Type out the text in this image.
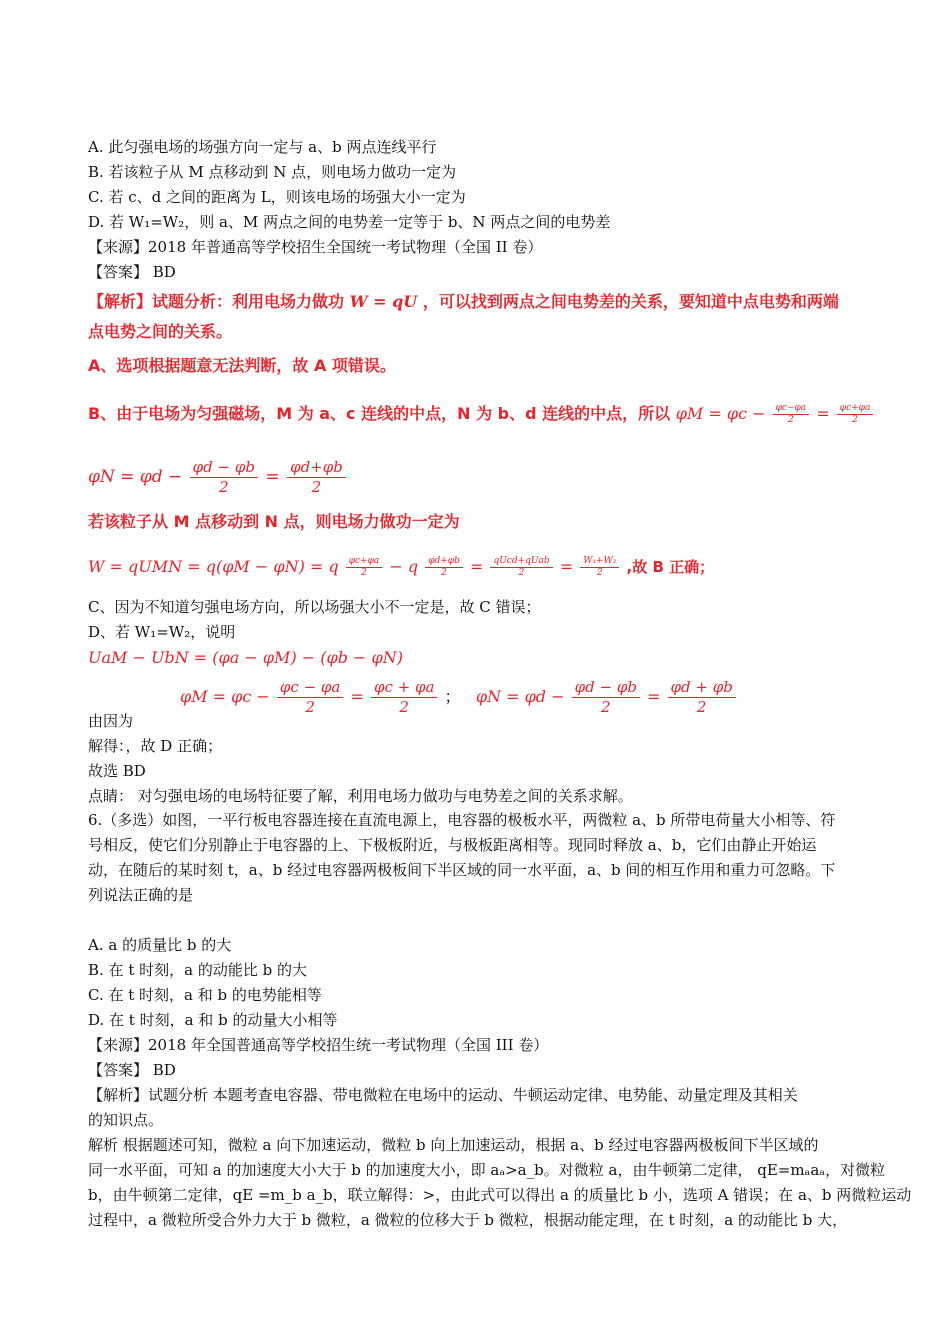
A. 此匀强电场的场强方向一定与 a、b 两点连线平行
B. 若该粒子从 M 点移动到 N 点，则电场力做功一定为
C. 若 c、d 之间的距离为 L，则该电场的场强大小一定为
D. 若 W₁=W₂，则 a、M 两点之间的电势差一定等于 b、N 两点之间的电势差
【来源】2018 年普通高等学校招生全国统一考试物理（全国 II 卷）
【答案】 BD
【解析】试题分析：利用电场力做功 W = qU ，可以找到两点之间电势差的关系，要知道中点电势和两端
点电势之间的关系。
A、选项根据题意无法判断，故 A 项错误。
B、由于电场为匀强磁场，M 为 a、c 连线的中点，N 为 b、d 连线的中点，所以 $\varphi M = \varphi c - \frac{\varphi c-\varphi a}{2} = \frac{\varphi c+\varphi a}{2}$
$\varphi N = \varphi d - \frac{\varphi d - \varphi b}{2} = \frac{\varphi d+\varphi b}{2}$
若该粒子从 M 点移动到 N 点，则电场力做功一定为
W = qUMN = q(φM − φN) = q $\frac{\varphi c+\varphi a}{2} - q \frac{\varphi d+\varphi b}{2} = \frac{\text{qUcd+qUab}}{2} = \frac{\text{W₁+W₂}}{2}$ ,故 B 正确；
C、因为不知道匀强电场方向，所以场强大小不一定是，故 C 错误；
D、若 W₁=W₂，说明
UaM − UbN = (φa − φM) − (φb − φN)
$\varphi M = \varphi c - \frac{\varphi c - \varphi a}{2} = \frac{\varphi c + \varphi a}{2}$ ； $\varphi N = \varphi d - \frac{\varphi d - \varphi b}{2} = \frac{\varphi d + \varphi b}{2}$
由因为
解得：，故 D 正确；
故选 BD
点睛： 对匀强电场的电场特征要了解，利用电场力做功与电势差之间的关系求解。
6.（多选）如图，一平行板电容器连接在直流电源上，电容器的极板水平，两微粒 a、b 所带电荷量大小相等、符
号相反，使它们分别静止于电容器的上、下极板附近，与极板距离相等。现同时释放 a、b，它们由静止开始运
动，在随后的某时刻 t，a、b 经过电容器两极板间下半区域的同一水平面，a、b 间的相互作用和重力可忽略。下
列说法正确的是
A. a 的质量比 b 的大
B. 在 t 时刻，a 的动能比 b 的大
C. 在 t 时刻，a 和 b 的电势能相等
D. 在 t 时刻，a 和 b 的动量大小相等
【来源】2018 年全国普通高等学校招生统一考试物理（全国 III 卷）
【答案】 BD
【解析】试题分析 本题考查电容器、带电微粒在电场中的运动、牛顿运动定律、电势能、动量定理及其相关
的知识点。
解析 根据题述可知，微粒 a 向下加速运动，微粒 b 向上加速运动，根据 a、b 经过电容器两极板间下半区域的
同一水平面，可知 a 的加速度大小大于 b 的加速度大小，即 aₐ>a_b。对微粒 a，由牛顿第二定律， qE=mₐaₐ，对微粒
b，由牛顿第二定律，qE =m_b a_b，联立解得：>，由此式可以得出 a 的质量比 b 小，选项 A 错误；在 a、b 两微粒运动
过程中，a 微粒所受合外力大于 b 微粒，a 微粒的位移大于 b 微粒，根据动能定理，在 t 时刻，a 的动能比 b 大，
